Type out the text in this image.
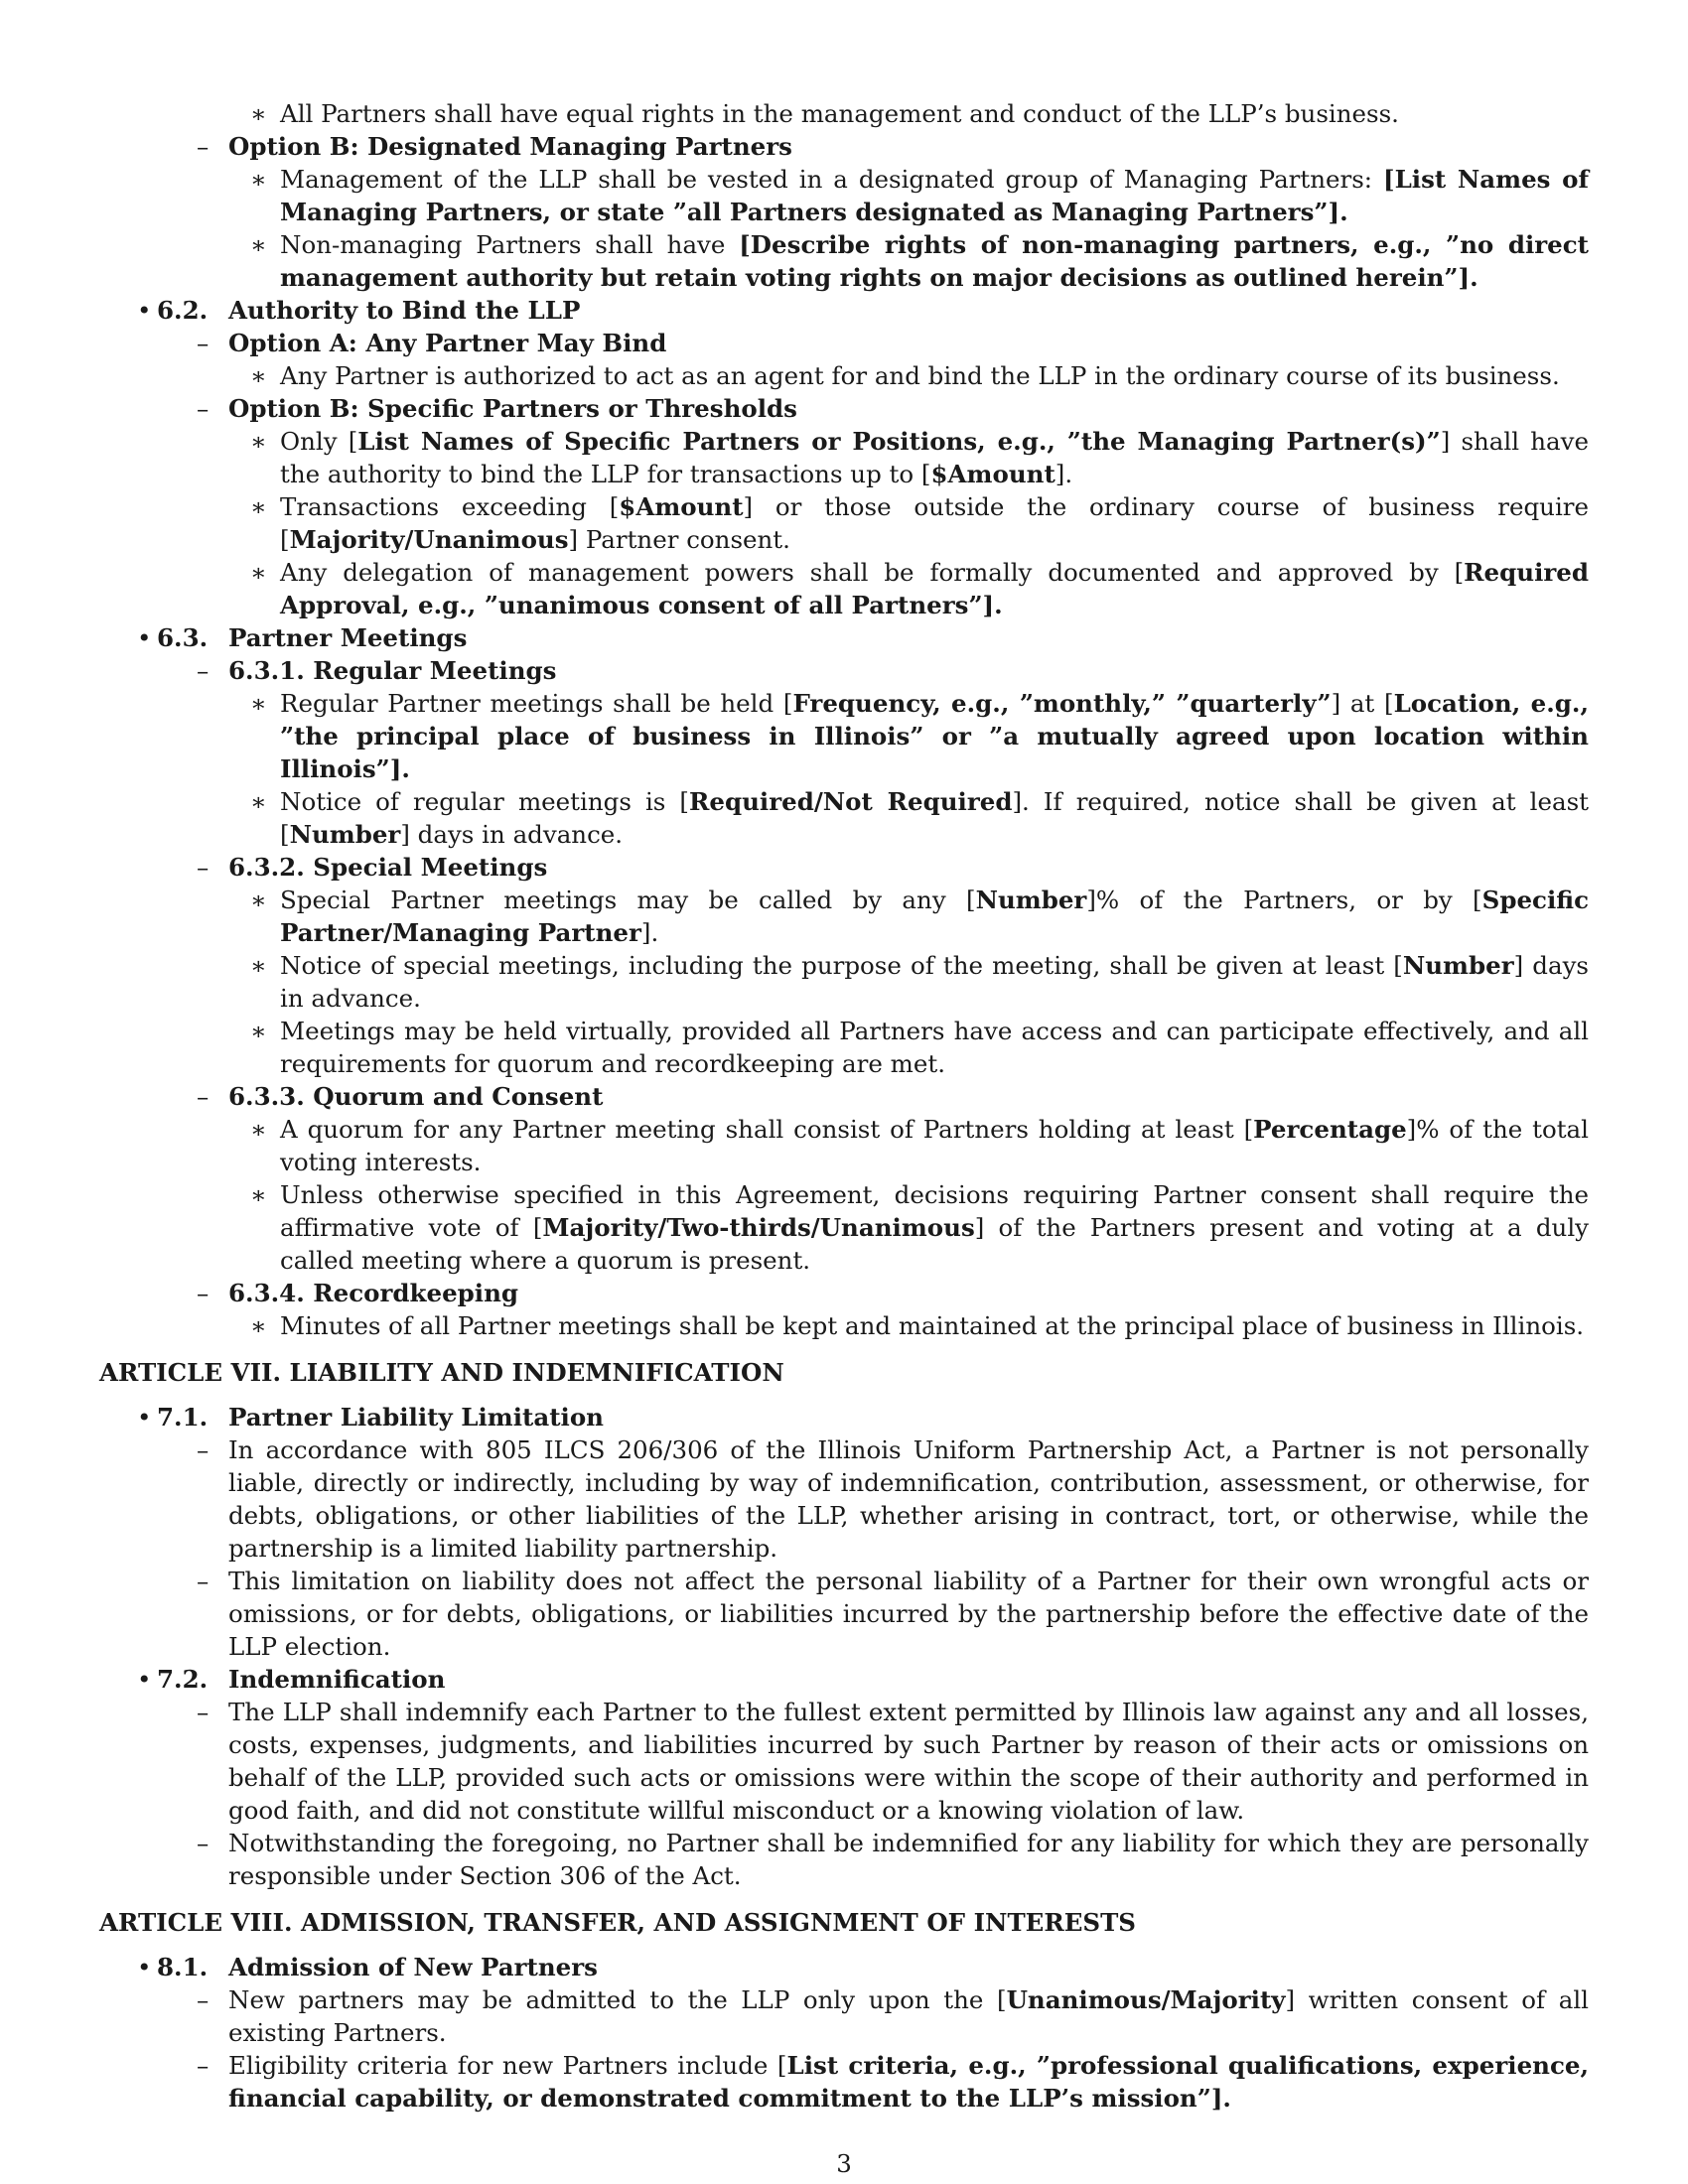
∗ All Partners shall have equal rights in the management and conduct of the LLP’s business.
– Option B: Designated Managing Partners
∗ Management of the LLP shall be vested in a designated group of Managing Partners: [List Names of Managing Partners, or state ”all Partners designated as Managing Partners”].
∗ Non-managing Partners shall have [Describe rights of non-managing partners, e.g., ”no direct management authority but retain voting rights on major decisions as outlined herein”].
• 6.2. Authority to Bind the LLP
– Option A: Any Partner May Bind
∗ Any Partner is authorized to act as an agent for and bind the LLP in the ordinary course of its business.
– Option B: Specific Partners or Thresholds
∗ Only [List Names of Specific Partners or Positions, e.g., ”the Managing Partner(s)”] shall have the authority to bind the LLP for transactions up to [$Amount].
∗ Transactions exceeding [$Amount] or those outside the ordinary course of business require [Majority/Unanimous] Partner consent.
∗ Any delegation of management powers shall be formally documented and approved by [Required Approval, e.g., ”unanimous consent of all Partners”].
• 6.3. Partner Meetings
– 6.3.1. Regular Meetings
∗ Regular Partner meetings shall be held [Frequency, e.g., ”monthly,” ”quarterly”] at [Location, e.g., ”the principal place of business in Illinois” or ”a mutually agreed upon location within Illinois”].
∗ Notice of regular meetings is [Required/Not Required]. If required, notice shall be given at least [Number] days in advance.
– 6.3.2. Special Meetings
∗ Special Partner meetings may be called by any [Number]% of the Partners, or by [Specific Partner/Managing Partner].
∗ Notice of special meetings, including the purpose of the meeting, shall be given at least [Number] days in advance.
∗ Meetings may be held virtually, provided all Partners have access and can participate effectively, and all requirements for quorum and recordkeeping are met.
– 6.3.3. Quorum and Consent
∗ A quorum for any Partner meeting shall consist of Partners holding at least [Percentage]% of the total voting interests.
∗ Unless otherwise specified in this Agreement, decisions requiring Partner consent shall require the affirmative vote of [Majority/Two-thirds/Unanimous] of the Partners present and voting at a duly called meeting where a quorum is present.
– 6.3.4. Recordkeeping
∗ Minutes of all Partner meetings shall be kept and maintained at the principal place of business in Illinois.
ARTICLE VII. LIABILITY AND INDEMNIFICATION
• 7.1. Partner Liability Limitation
– In accordance with 805 ILCS 206/306 of the Illinois Uniform Partnership Act, a Partner is not personally liable, directly or indirectly, including by way of indemnification, contribution, assessment, or otherwise, for debts, obligations, or other liabilities of the LLP, whether arising in contract, tort, or otherwise, while the partnership is a limited liability partnership.
– This limitation on liability does not affect the personal liability of a Partner for their own wrongful acts or omissions, or for debts, obligations, or liabilities incurred by the partnership before the effective date of the LLP election.
• 7.2. Indemnification
– The LLP shall indemnify each Partner to the fullest extent permitted by Illinois law against any and all losses, costs, expenses, judgments, and liabilities incurred by such Partner by reason of their acts or omissions on behalf of the LLP, provided such acts or omissions were within the scope of their authority and performed in good faith, and did not constitute willful misconduct or a knowing violation of law.
– Notwithstanding the foregoing, no Partner shall be indemnified for any liability for which they are personally responsible under Section 306 of the Act.
ARTICLE VIII. ADMISSION, TRANSFER, AND ASSIGNMENT OF INTERESTS
• 8.1. Admission of New Partners
– New partners may be admitted to the LLP only upon the [Unanimous/Majority] written consent of all existing Partners.
– Eligibility criteria for new Partners include [List criteria, e.g., ”professional qualifications, experience, financial capability, or demonstrated commitment to the LLP’s mission”].
3
